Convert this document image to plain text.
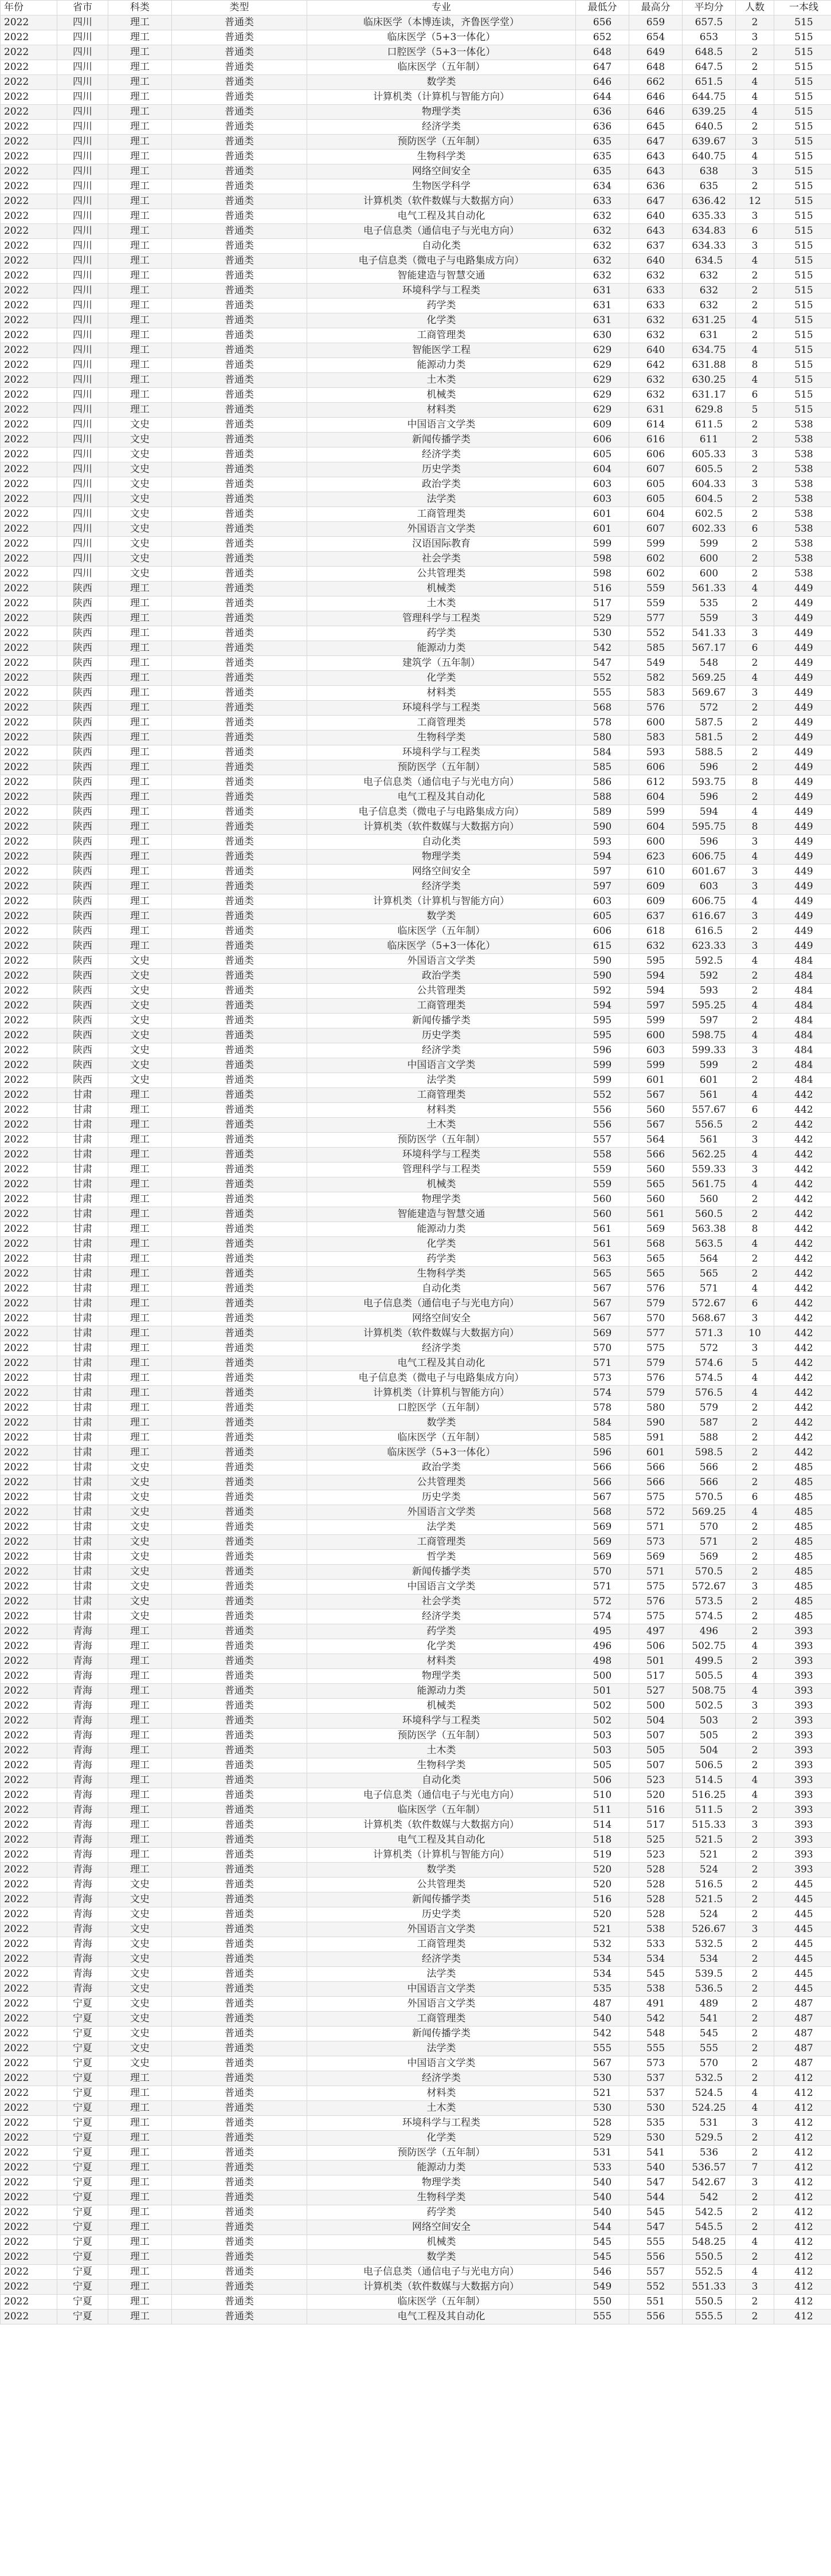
年份	省市	科类	类型	专业	最低分	最高分	平均分	人数	一本线
2022	四川	理工	普通类	临床医学（本博连读，齐鲁医学堂）	656	659	657.5	2	515
2022	四川	理工	普通类	临床医学（5+3一体化）	652	654	653	3	515
2022	四川	理工	普通类	口腔医学（5+3一体化）	648	649	648.5	2	515
2022	四川	理工	普通类	临床医学（五年制）	647	648	647.5	2	515
2022	四川	理工	普通类	数学类	646	662	651.5	4	515
2022	四川	理工	普通类	计算机类（计算机与智能方向）	644	646	644.75	4	515
2022	四川	理工	普通类	物理学类	636	646	639.25	4	515
2022	四川	理工	普通类	经济学类	636	645	640.5	2	515
2022	四川	理工	普通类	预防医学（五年制）	635	647	639.67	3	515
2022	四川	理工	普通类	生物科学类	635	643	640.75	4	515
2022	四川	理工	普通类	网络空间安全	635	643	638	3	515
2022	四川	理工	普通类	生物医学科学	634	636	635	2	515
2022	四川	理工	普通类	计算机类（软件数媒与大数据方向）	633	647	636.42	12	515
2022	四川	理工	普通类	电气工程及其自动化	632	640	635.33	3	515
2022	四川	理工	普通类	电子信息类（通信电子与光电方向）	632	643	634.83	6	515
2022	四川	理工	普通类	自动化类	632	637	634.33	3	515
2022	四川	理工	普通类	电子信息类（微电子与电路集成方向）	632	640	634.5	4	515
2022	四川	理工	普通类	智能建造与智慧交通	632	632	632	2	515
2022	四川	理工	普通类	环境科学与工程类	631	633	632	2	515
2022	四川	理工	普通类	药学类	631	633	632	2	515
2022	四川	理工	普通类	化学类	631	632	631.25	4	515
2022	四川	理工	普通类	工商管理类	630	632	631	2	515
2022	四川	理工	普通类	智能医学工程	629	640	634.75	4	515
2022	四川	理工	普通类	能源动力类	629	642	631.88	8	515
2022	四川	理工	普通类	土木类	629	632	630.25	4	515
2022	四川	理工	普通类	机械类	629	632	631.17	6	515
2022	四川	理工	普通类	材料类	629	631	629.8	5	515
2022	四川	文史	普通类	中国语言文学类	609	614	611.5	2	538
2022	四川	文史	普通类	新闻传播学类	606	616	611	2	538
2022	四川	文史	普通类	经济学类	605	606	605.33	3	538
2022	四川	文史	普通类	历史学类	604	607	605.5	2	538
2022	四川	文史	普通类	政治学类	603	605	604.33	3	538
2022	四川	文史	普通类	法学类	603	605	604.5	2	538
2022	四川	文史	普通类	工商管理类	601	604	602.5	2	538
2022	四川	文史	普通类	外国语言文学类	601	607	602.33	6	538
2022	四川	文史	普通类	汉语国际教育	599	599	599	2	538
2022	四川	文史	普通类	社会学类	598	602	600	2	538
2022	四川	文史	普通类	公共管理类	598	602	600	2	538
2022	陕西	理工	普通类	机械类	516	559	561.33	4	449
2022	陕西	理工	普通类	土木类	517	559	535	2	449
2022	陕西	理工	普通类	管理科学与工程类	529	577	559	3	449
2022	陕西	理工	普通类	药学类	530	552	541.33	3	449
2022	陕西	理工	普通类	能源动力类	542	585	567.17	6	449
2022	陕西	理工	普通类	建筑学（五年制）	547	549	548	2	449
2022	陕西	理工	普通类	化学类	552	582	569.25	4	449
2022	陕西	理工	普通类	材料类	555	583	569.67	3	449
2022	陕西	理工	普通类	环境科学与工程类	568	576	572	2	449
2022	陕西	理工	普通类	工商管理类	578	600	587.5	2	449
2022	陕西	理工	普通类	生物科学类	580	583	581.5	2	449
2022	陕西	理工	普通类	环境科学与工程类	584	593	588.5	2	449
2022	陕西	理工	普通类	预防医学（五年制）	585	606	596	2	449
2022	陕西	理工	普通类	电子信息类（通信电子与光电方向）	586	612	593.75	8	449
2022	陕西	理工	普通类	电气工程及其自动化	588	604	596	2	449
2022	陕西	理工	普通类	电子信息类（微电子与电路集成方向）	589	599	594	4	449
2022	陕西	理工	普通类	计算机类（软件数媒与大数据方向）	590	604	595.75	8	449
2022	陕西	理工	普通类	自动化类	593	600	596	3	449
2022	陕西	理工	普通类	物理学类	594	623	606.75	4	449
2022	陕西	理工	普通类	网络空间安全	597	610	601.67	3	449
2022	陕西	理工	普通类	经济学类	597	609	603	3	449
2022	陕西	理工	普通类	计算机类（计算机与智能方向）	603	609	606.75	4	449
2022	陕西	理工	普通类	数学类	605	637	616.67	3	449
2022	陕西	理工	普通类	临床医学（五年制）	606	618	616.5	2	449
2022	陕西	理工	普通类	临床医学（5+3一体化）	615	632	623.33	3	449
2022	陕西	文史	普通类	外国语言文学类	590	595	592.5	4	484
2022	陕西	文史	普通类	政治学类	590	594	592	2	484
2022	陕西	文史	普通类	公共管理类	592	594	593	2	484
2022	陕西	文史	普通类	工商管理类	594	597	595.25	4	484
2022	陕西	文史	普通类	新闻传播学类	595	599	597	2	484
2022	陕西	文史	普通类	历史学类	595	600	598.75	4	484
2022	陕西	文史	普通类	经济学类	596	603	599.33	3	484
2022	陕西	文史	普通类	中国语言文学类	599	599	599	2	484
2022	陕西	文史	普通类	法学类	599	601	601	2	484
2022	甘肃	理工	普通类	工商管理类	552	567	561	4	442
2022	甘肃	理工	普通类	材料类	556	560	557.67	6	442
2022	甘肃	理工	普通类	土木类	556	567	556.5	2	442
2022	甘肃	理工	普通类	预防医学（五年制）	557	564	561	3	442
2022	甘肃	理工	普通类	环境科学与工程类	558	566	562.25	4	442
2022	甘肃	理工	普通类	管理科学与工程类	559	560	559.33	3	442
2022	甘肃	理工	普通类	机械类	559	565	561.75	4	442
2022	甘肃	理工	普通类	物理学类	560	560	560	2	442
2022	甘肃	理工	普通类	智能建造与智慧交通	560	561	560.5	2	442
2022	甘肃	理工	普通类	能源动力类	561	569	563.38	8	442
2022	甘肃	理工	普通类	化学类	561	568	563.5	4	442
2022	甘肃	理工	普通类	药学类	563	565	564	2	442
2022	甘肃	理工	普通类	生物科学类	565	565	565	2	442
2022	甘肃	理工	普通类	自动化类	567	576	571	4	442
2022	甘肃	理工	普通类	电子信息类（通信电子与光电方向）	567	579	572.67	6	442
2022	甘肃	理工	普通类	网络空间安全	567	570	568.67	3	442
2022	甘肃	理工	普通类	计算机类（软件数媒与大数据方向）	569	577	571.3	10	442
2022	甘肃	理工	普通类	经济学类	570	575	572	3	442
2022	甘肃	理工	普通类	电气工程及其自动化	571	579	574.6	5	442
2022	甘肃	理工	普通类	电子信息类（微电子与电路集成方向）	573	576	574.5	4	442
2022	甘肃	理工	普通类	计算机类（计算机与智能方向）	574	579	576.5	4	442
2022	甘肃	理工	普通类	口腔医学（五年制）	578	580	579	2	442
2022	甘肃	理工	普通类	数学类	584	590	587	2	442
2022	甘肃	理工	普通类	临床医学（五年制）	585	591	588	2	442
2022	甘肃	理工	普通类	临床医学（5+3一体化）	596	601	598.5	2	442
2022	甘肃	文史	普通类	政治学类	566	566	566	2	485
2022	甘肃	文史	普通类	公共管理类	566	566	566	2	485
2022	甘肃	文史	普通类	历史学类	567	575	570.5	6	485
2022	甘肃	文史	普通类	外国语言文学类	568	572	569.25	4	485
2022	甘肃	文史	普通类	法学类	569	571	570	2	485
2022	甘肃	文史	普通类	工商管理类	569	573	571	2	485
2022	甘肃	文史	普通类	哲学类	569	569	569	2	485
2022	甘肃	文史	普通类	新闻传播学类	570	571	570.5	2	485
2022	甘肃	文史	普通类	中国语言文学类	571	575	572.67	3	485
2022	甘肃	文史	普通类	社会学类	572	576	573.5	2	485
2022	甘肃	文史	普通类	经济学类	574	575	574.5	2	485
2022	青海	理工	普通类	药学类	495	497	496	2	393
2022	青海	理工	普通类	化学类	496	506	502.75	4	393
2022	青海	理工	普通类	材料类	498	501	499.5	2	393
2022	青海	理工	普通类	物理学类	500	517	505.5	4	393
2022	青海	理工	普通类	能源动力类	501	527	508.75	4	393
2022	青海	理工	普通类	机械类	502	500	502.5	3	393
2022	青海	理工	普通类	环境科学与工程类	502	504	503	2	393
2022	青海	理工	普通类	预防医学（五年制）	503	507	505	2	393
2022	青海	理工	普通类	土木类	503	505	504	2	393
2022	青海	理工	普通类	生物科学类	505	507	506.5	2	393
2022	青海	理工	普通类	自动化类	506	523	514.5	4	393
2022	青海	理工	普通类	电子信息类（通信电子与光电方向）	510	520	516.25	4	393
2022	青海	理工	普通类	临床医学（五年制）	511	516	511.5	2	393
2022	青海	理工	普通类	计算机类（软件数媒与大数据方向）	514	517	515.33	3	393
2022	青海	理工	普通类	电气工程及其自动化	518	525	521.5	2	393
2022	青海	理工	普通类	计算机类（计算机与智能方向）	519	523	521	2	393
2022	青海	理工	普通类	数学类	520	528	524	2	393
2022	青海	文史	普通类	公共管理类	520	528	516.5	2	445
2022	青海	文史	普通类	新闻传播学类	516	528	521.5	2	445
2022	青海	文史	普通类	历史学类	520	528	524	2	445
2022	青海	文史	普通类	外国语言文学类	521	538	526.67	3	445
2022	青海	文史	普通类	工商管理类	532	533	532.5	2	445
2022	青海	文史	普通类	经济学类	534	534	534	2	445
2022	青海	文史	普通类	法学类	534	545	539.5	2	445
2022	青海	文史	普通类	中国语言文学类	535	538	536.5	2	445
2022	宁夏	文史	普通类	外国语言文学类	487	491	489	2	487
2022	宁夏	文史	普通类	工商管理类	540	542	541	2	487
2022	宁夏	文史	普通类	新闻传播学类	542	548	545	2	487
2022	宁夏	文史	普通类	法学类	555	555	555	2	487
2022	宁夏	文史	普通类	中国语言文学类	567	573	570	2	487
2022	宁夏	理工	普通类	经济学类	530	537	532.5	2	412
2022	宁夏	理工	普通类	材料类	521	537	524.5	4	412
2022	宁夏	理工	普通类	土木类	530	530	524.25	4	412
2022	宁夏	理工	普通类	环境科学与工程类	528	535	531	3	412
2022	宁夏	理工	普通类	化学类	529	530	529.5	2	412
2022	宁夏	理工	普通类	预防医学（五年制）	531	541	536	2	412
2022	宁夏	理工	普通类	能源动力类	533	540	536.57	7	412
2022	宁夏	理工	普通类	物理学类	540	547	542.67	3	412
2022	宁夏	理工	普通类	生物科学类	540	544	542	2	412
2022	宁夏	理工	普通类	药学类	540	545	542.5	2	412
2022	宁夏	理工	普通类	网络空间安全	544	547	545.5	2	412
2022	宁夏	理工	普通类	机械类	545	555	548.25	4	412
2022	宁夏	理工	普通类	数学类	545	556	550.5	2	412
2022	宁夏	理工	普通类	电子信息类（通信电子与光电方向）	546	557	552.5	4	412
2022	宁夏	理工	普通类	计算机类（软件数媒与大数据方向）	549	552	551.33	3	412
2022	宁夏	理工	普通类	临床医学（五年制）	550	551	550.5	2	412
2022	宁夏	理工	普通类	电气工程及其自动化	555	556	555.5	2	412
